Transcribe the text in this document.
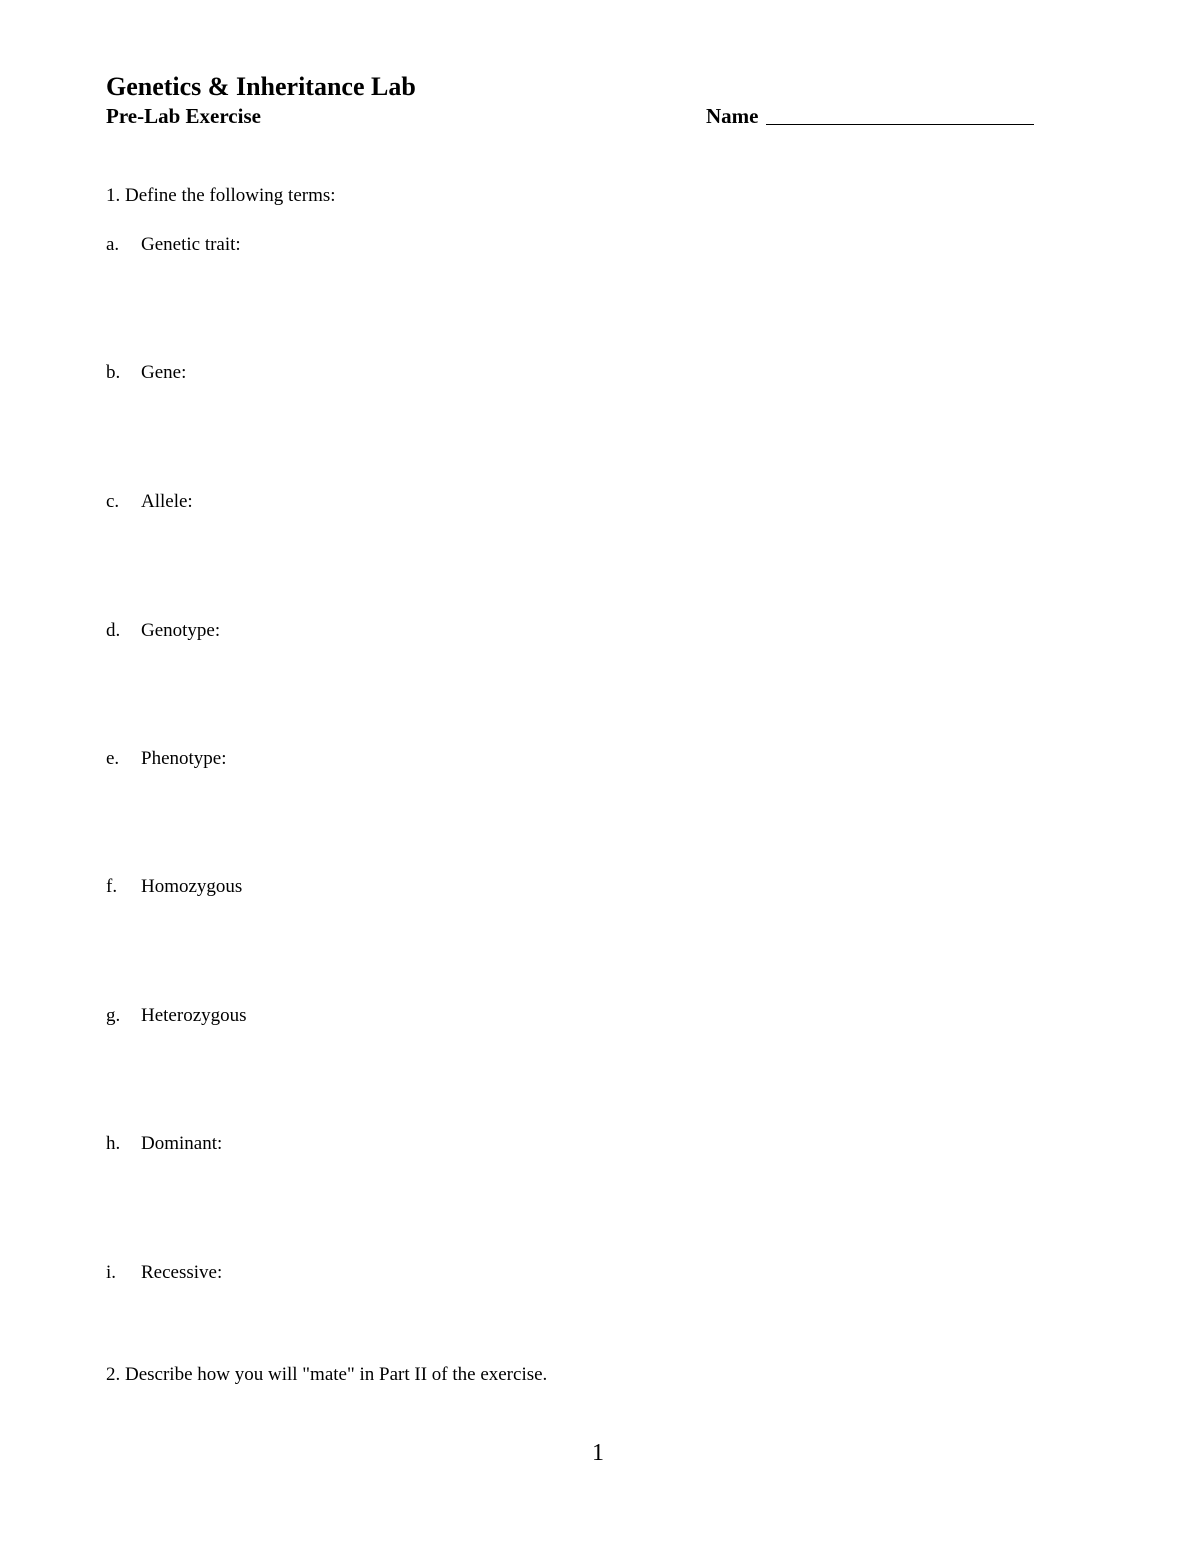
Genetics & Inheritance Lab
Pre-Lab Exercise	Name
1. Define the following terms:
a. Genetic trait:
b. Gene:
c. Allele:
d. Genotype:
e. Phenotype:
f. Homozygous
g. Heterozygous
h. Dominant:
i. Recessive:
2. Describe how you will "mate" in Part II of the exercise.
1
